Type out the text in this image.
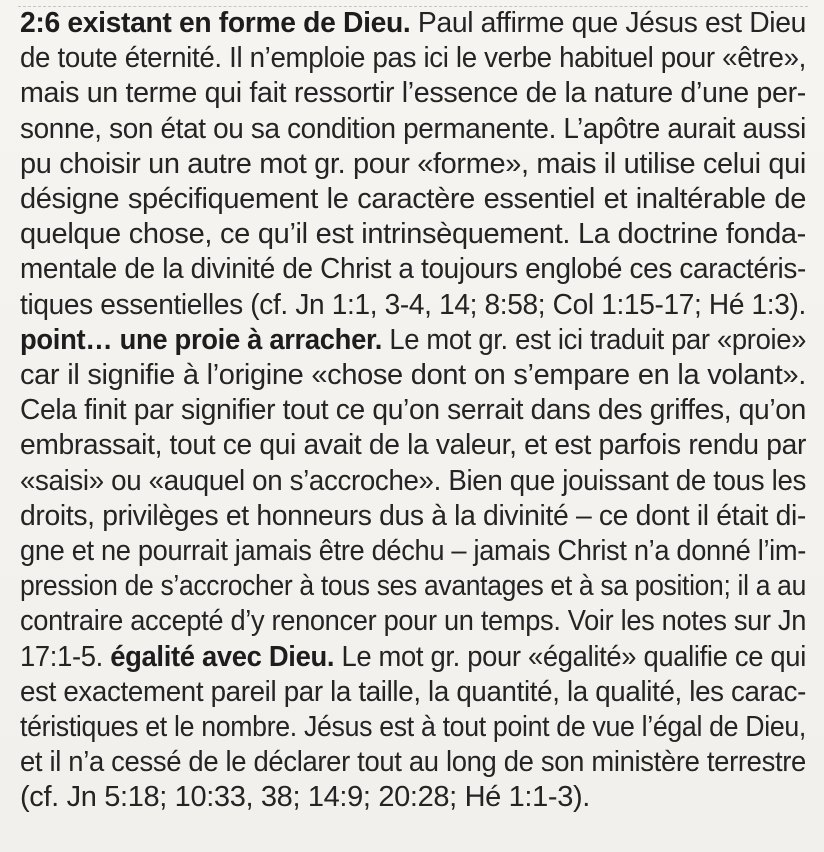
2:6 existant en forme de Dieu. Paul affirme que Jésus est Dieu
de toute éternité. Il n’emploie pas ici le verbe habituel pour «être»,
mais un terme qui fait ressortir l’essence de la nature d’une per-
sonne, son état ou sa condition permanente. L’apôtre aurait aussi
pu choisir un autre mot gr. pour «forme», mais il utilise celui qui
désigne spécifiquement le caractère essentiel et inaltérable de
quelque chose, ce qu’il est intrinsèquement. La doctrine fonda-
mentale de la divinité de Christ a toujours englobé ces caractéris-
tiques essentielles (cf. Jn 1:1, 3-4, 14; 8:58; Col 1:15-17; Hé 1:3).
point… une proie à arracher. Le mot gr. est ici traduit par «proie»
car il signifie à l’origine «chose dont on s’empare en la volant».
Cela finit par signifier tout ce qu’on serrait dans des griffes, qu’on
embrassait, tout ce qui avait de la valeur, et est parfois rendu par
«saisi» ou «auquel on s’accroche». Bien que jouissant de tous les
droits, privilèges et honneurs dus à la divinité – ce dont il était di-
gne et ne pourrait jamais être déchu – jamais Christ n’a donné l’im-
pression de s’accrocher à tous ses avantages et à sa position; il a au
contraire accepté d’y renoncer pour un temps. Voir les notes sur Jn
17:1-5. égalité avec Dieu. Le mot gr. pour «égalité» qualifie ce qui
est exactement pareil par la taille, la quantité, la qualité, les carac-
téristiques et le nombre. Jésus est à tout point de vue l’égal de Dieu,
et il n’a cessé de le déclarer tout au long de son ministère terrestre
(cf. Jn 5:18; 10:33, 38; 14:9; 20:28; Hé 1:1-3).
